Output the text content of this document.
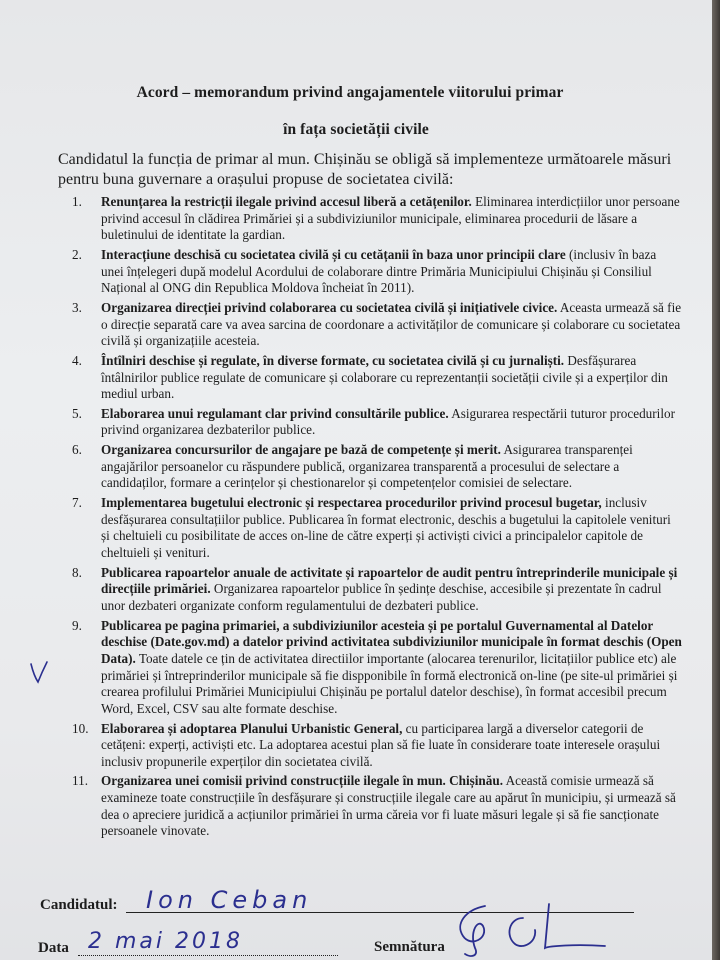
Acord – memorandum privind angajamentele viitorului primar
în fața societății civile
Candidatul la funcția de primar al mun. Chișinău se obligă să implementeze următoarele măsuri pentru buna guvernare a orașului propuse de societatea civilă:
1.	Renunțarea la restricții ilegale privind accesul liberă a cetățenilor. Eliminarea interdicțiilor unor persoane privind accesul în clădirea Primăriei și a subdiviziunilor municipale, eliminarea procedurii de lăsare a buletinului de identitate la gardian.
2.	Interacțiune deschisă cu societatea civilă și cu cetățanii în baza unor principii clare (inclusiv în baza unei înțelegeri după modelul Acordului de colaborare dintre Primăria Municipiului Chișinău și Consiliul Național al ONG din Republica Moldova încheiat în 2011).
3.	Organizarea direcției privind colaborarea cu societatea civilă și inițiativele civice. Aceasta urmează să fie o direcție separată care va avea sarcina de coordonare a activităților de comunicare și colaborare cu societatea civilă și organizațiile acesteia.
4.	Întîlniri deschise și regulate, în diverse formate, cu societatea civilă și cu jurnaliști. Desfășurarea întâlnirilor publice regulate de comunicare și colaborare cu reprezentanții societății civile și a experților din mediul urban.
5.	Elaborarea unui regulamant clar privind consultările publice. Asigurarea respectării tuturor procedurilor privind organizarea dezbaterilor publice.
6.	Organizarea concursurilor de angajare pe bază de competențe și merit. Asigurarea transparenței angajărilor persoanelor cu răspundere publică, organizarea transparentă a procesului de selectare a candidaților, formare a cerințelor și chestionarelor și competențelor comisiei de selectare.
7.	Implementarea bugetului electronic și respectarea procedurilor privind procesul bugetar, inclusiv desfășurarea consultațiilor publice. Publicarea în format electronic, deschis a bugetului la capitolele venituri și cheltuieli cu posibilitate de acces on-line de către experți și activiști civici a principalelor capitole de cheltuieli și venituri.
8.	Publicarea rapoartelor anuale de activitate și rapoartelor de audit pentru întreprinderile municipale și direcțiile primăriei. Organizarea rapoartelor publice în ședințe deschise, accesibile și prezentate în cadrul unor dezbateri organizate conform regulamentului de dezbateri publice.
9.	Publicarea pe pagina primariei, a subdiviziunilor acesteia și pe portalul Guvernamental al Datelor deschise (Date.gov.md) a datelor privind activitatea subdiviziunilor municipale în format deschis (Open Data). Toate datele ce țin de activitatea directiilor importante (alocarea terenurilor, licitațiilor publice etc) ale primăriei și întreprinderilor municipale să fie dispponibile în formă electronică on-line (pe site-ul primăriei și crearea profilului Primăriei Municipiului Chișinău pe portalul datelor deschise), în format accesibil precum Word, Excel, CSV sau alte formate deschise.
10. Elaborarea și adoptarea Planului Urbanistic General, cu participarea largă a diverselor categorii de cetățeni: experți, activiști etc. La adoptarea acestui plan să fie luate în considerare toate interesele orașului inclusiv propunerile experților din societatea civilă.
11. Organizarea unei comisii privind construcțiile ilegale în mun. Chișinău. Această comisie urmează să examineze toate construcțiile în desfășurare și construcțiile ilegale care au apărut în municipiu, și urmează să dea o apreciere juridică a acțiunilor primăriei în urma căreia vor fi luate măsuri legale și să fie sancționate persoanele vinovate.
Candidatul: Ion Ceban
Data 2 mai 2018	Semnătura
